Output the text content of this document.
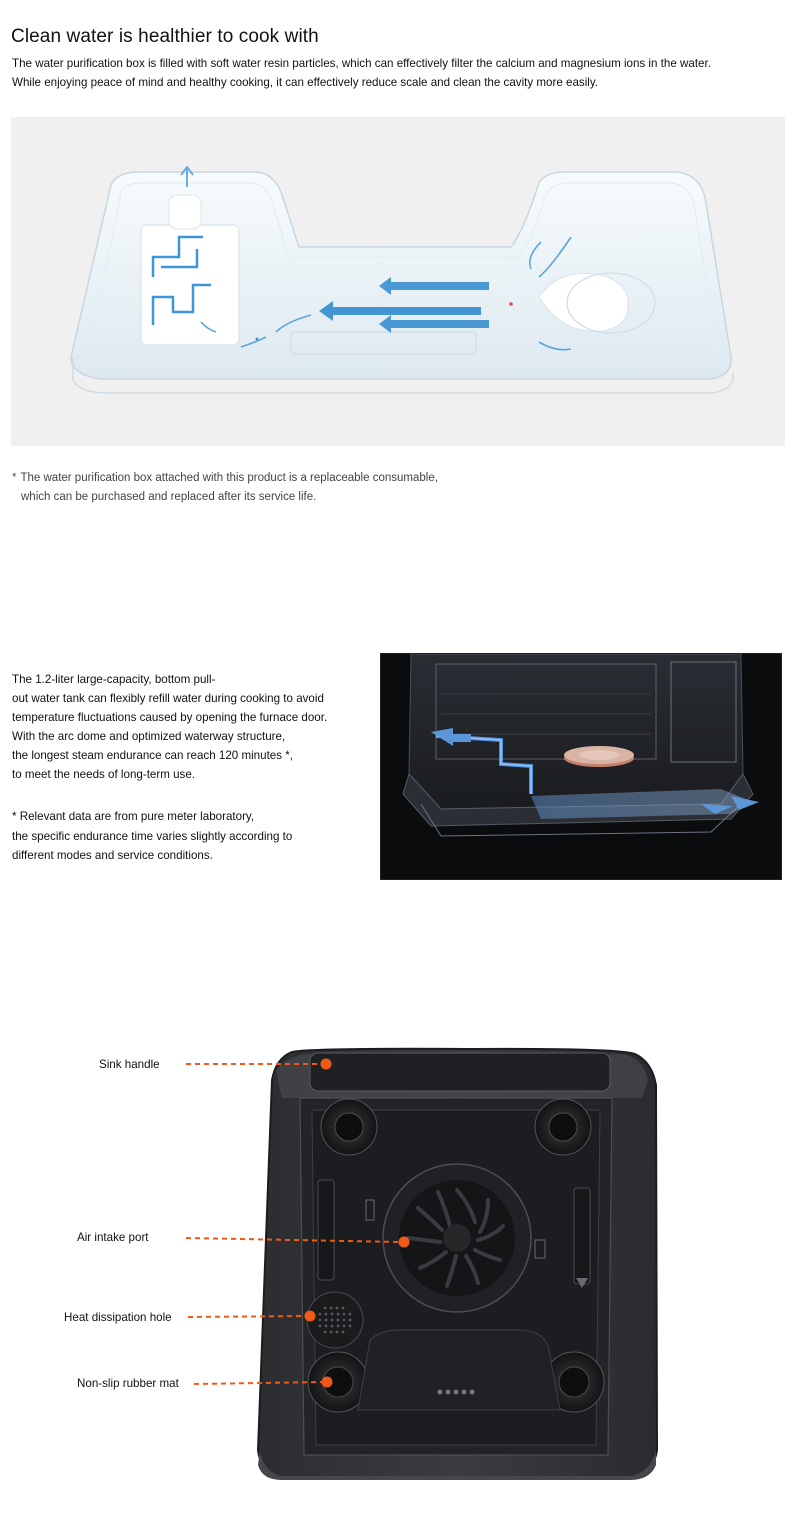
Clean water is healthier to cook with
The water purification box is filled with soft water resin particles, which can effectively filter the calcium and magnesium ions in the water.
While enjoying peace of mind and healthy cooking, it can effectively reduce scale and clean the cavity more easily.
* The water purification box attached with this product is a replaceable consumable,
which can be purchased and replaced after its service life.

The 1.2-liter large-capacity, bottom pull-

out water tank can flexibly refill water during cooking to avoid

temperature fluctuations caused by opening the furnace door.

With the arc dome and optimized waterway structure,

the longest steam endurance can reach 120 minutes *,

to meet the needs of long-term use.

* Relevant data are from pure meter laboratory,
the specific endurance time varies slightly according to
different modes and service conditions.
Sink handle
Air intake port
Heat dissipation hole
Non-slip rubber mat
